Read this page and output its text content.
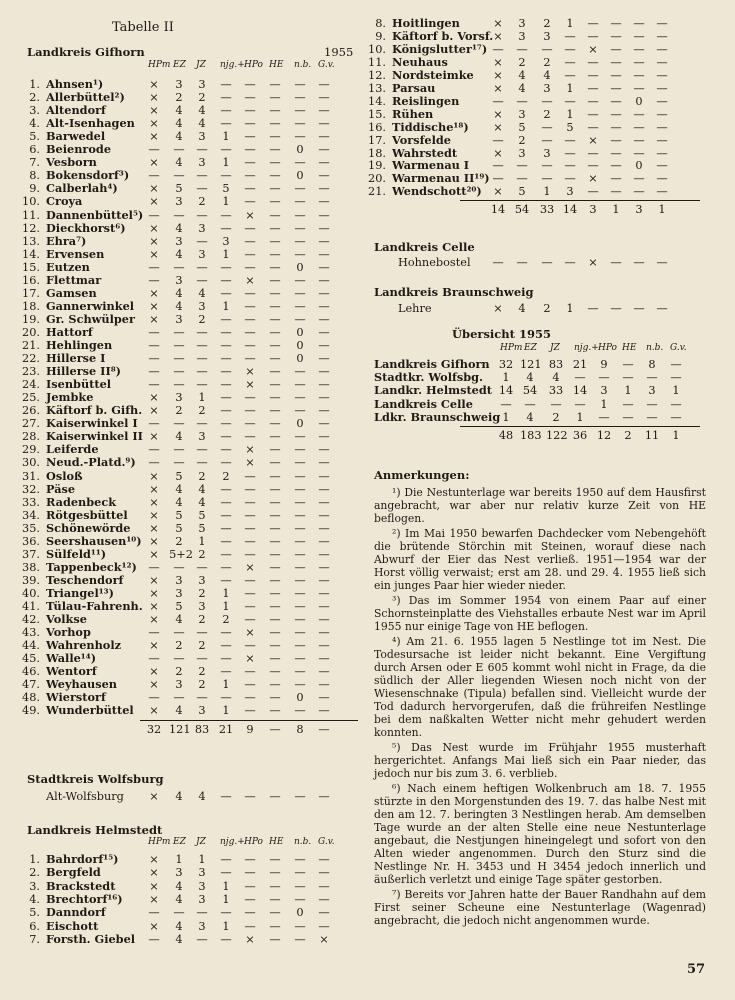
Landkreis Gifhorn	1955
HPm EZ JZ njg.+ HPo HE n.b. G.v.
1. Ahnsen¹)	×	3	3	—	—	—	—	—
2. Allerbüttel²)	×	2	2	—	—	—	—	—
3. Altendorf	×	4	4	—	—	—	—	—
4. Alt-Isenhagen	×	4	4	—	—	—	—	—
5. Barwedel	×	4	3	1	—	—	—	—
6. Beienrode	—	—	—	—	—	—	0	—
7. Vesborn	×	4	3	1	—	—	—	—
8. Bokensdorf³)	—	—	—	—	—	—	0	—
9. Calberlah⁴)	×	5	—	5	—	—	—	—
10. Croya	×	3	2	1	—	—	—	—
11. Dannenbüttel⁵) —	—	—	—	×	—	—	—
12. Dieckhorst⁶)	×	4	3	—	—	—	—	—
13. Ehra⁷)	×	3	—	3	—	—	—	—
14. Ervensen	×	4	3	1	—	—	—	—
15. Eutzen	—	—	—	—	—	—	0	—
16. Flettmar	—	3	—	—	×	—	—	—
17. Gamsen	×	4	4	—	—	—	—	—
18. Gannerwinkel	×	4	3	1	—	—	—	—
19. Gr. Schwülper	×	3	2	—	—	—	—	—
20. Hattorf	—	—	—	—	—	—	0	—
21. Hehlingen	—	—	—	—	—	—	0	—
22. Hillerse I	—	—	—	—	—	—	0	—
23. Hillerse II⁸)	—	—	—	—	×	—	—	—
24. Isenbüttel	—	—	—	—	×	—	—	—
25. Jembke	×	3	1	—	—	—	—	—
26. Käftorf b. Gifh. ×	2	2	—	—	—	—	—
27. Kaiserwinkel I —	—	—	—	—	—	0	—
28. Kaiserwinkel II ×	4	3	—	—	—	—	—
29. Leiferde	—	—	—	—	×	—	—	—
30. Neud.-Platd.⁹)	—	—	—	—	×	—	—	—
31. Osloß	×	5	2	2	—	—	—	—
32. Päse	×	4	4	—	—	—	—	—
33. Radenbeck	×	4	4	—	—	—	—	—
34. Rötgesbüttel	×	5	5	—	—	—	—	—
35. Schönewörde	×	5	5	—	—	—	—	—
36. Seershausen¹⁰) ×	2	1	—	—	—	—	—
37. Sülfeld¹¹)	× 5+2 2	—	—	—	—	—
38. Tappenbeck¹²)	—	—	—	—	×	—	—	—
39. Teschendorf	×	3	3	—	—	—	—	—
40. Triangel¹³)	×	3	2	1	—	—	—	—
41. Tülau-Fahrenh. ×	5	3	1	—	—	—	—
42. Volkse	×	4	2	2	—	—	—	—
43. Vorhop	—	—	—	—	×	—	—	—
44. Wahrenholz	×	2	2	—	—	—	—	—
45. Walle¹⁴)	—	—	—	—	×	—	—	—
46. Wentorf	×	2	2	—	—	—	—	—
47. Weyhausen	×	3	2	1	—	—	—	—
48. Wierstorf	—	—	—	—	—	—	0	—
49. Wunderbüttel	×	4	3	1	—	—	—	—
32 121 83 21	9	—	8	—
Stadtkreis Wolfsburg
Alt-Wolfsburg	×	4	4	—	—	—	—	—
Landkreis Helmstedt
HPm EZ JZ njg.+ HPo HE n.b. G.v.
1. Bahrdorf¹⁵)	×	1	1	—	—	—	—	—
2. Bergfeld	×	3	3	—	—	—	—	—
3. Brackstedt	×	4	3	1	—	—	—	—
4. Brechtorf¹⁶)	×	4	3	1	—	—	—	—
5. Danndorf	—	—	—	—	—	—	0	—
6. Eischott	×	4	3	1	—	—	—	—
7. Forsth. Giebel	—	4	—	—	×	—	—	×
8. Hoitlingen	×	3	2	1	—	—	—	—
9. Käftorf b. Vorsf. ×	3	3	—	—	—	—	—
10. Königslutter¹⁷) —	—	—	—	×	—	—	—
11. Neuhaus	×	2	2	—	—	—	—	—
12. Nordsteimke	×	4	4	—	—	—	—	—
13. Parsau	×	4	3	1	—	—	—	—
14. Reislingen	—	—	—	—	—	—	0	—
15. Rühen	×	3	2	1	—	—	—	—
16. Tiddische¹⁸)	×	5	—	5	—	—	—	—
17. Vorsfelde	—	2	—	—	×	—	—	—
18. Wahrstedt	×	3	3	—	—	—	—	—
19. Warmenau I	—	—	—	—	—	—	0	—
20. Warmenau II¹⁹) —	—	—	—	×	—	—	—
21. Wendschott²⁰)	×	5	1	3	—	—	—	—
14 54 33 14	3	1	3	1
Landkreis Celle
Hohnebostel	—	—	—	—	×	—	—	—
Landkreis Braunschweig
Lehre	×	4	2	1	—	—	—	—
Übersicht 1955
HPm EZ JZ njg.+ HPo HE n.b. G.v.
Landkreis Gifhorn 32 121 83 21	9	—	8	—
Stadtkr. Wolfsbg.	1	4	4	—	—	—	—	—
Landkr. Helmstedt 14 54 33 14	3	1	3	1
Landkreis Celle	—	—	—	—	1	—	—	—
Ldkr. Braunschweig 1	4	2	1	—	—	—	—
48 183 122 36 12	2	11	1
Anmerkungen:
¹) Die Nestunterlage war bereits 1950 auf dem Hausfirst angebracht, war aber nur relativ kurze Zeit von HE beflogen.
²) Im Mai 1950 bewarfen Dachdecker vom Nebengehöft die brütende Störchin mit Steinen, worauf diese nach Abwurf der Eier das Nest verließ. 1951—1954 war der Horst völlig verwaist; erst am 28. und 29. 4. 1955 ließ sich ein junges Paar hier wieder nieder.
³) Das im Sommer 1954 von einem Paar auf einer Schornsteinplatte des Viehstalles erbaute Nest war im April 1955 nur einige Tage von HE beflogen.
⁴) Am 21. 6. 1955 lagen 5 Nestlinge tot im Nest. Die Todesursache ist leider nicht bekannt. Eine Vergiftung durch Arsen oder E 605 kommt wohl nicht in Frage, da die südlich der Aller liegenden Wiesen noch nicht von der Wiesenschnake (Tipula) befallen sind. Vielleicht wurde der Tod dadurch hervorgerufen, daß die frühreifen Nestlinge bei dem naßkalten Wetter nicht mehr gehudert werden konnten.
⁵) Das Nest wurde im Frühjahr 1955 musterhaft hergerichtet. Anfangs Mai ließ sich ein Paar nieder, das jedoch nur bis zum 3. 6. verblieb.
⁶) Nach einem heftigen Wolkenbruch am 18. 7. 1955 stürzte in den Morgenstunden des 19. 7. das halbe Nest mit den am 12. 7. beringten 3 Nestlingen herab. Am demselben Tage wurde an der alten Stelle eine neue Nestunterlage angebaut, die Nestjungen hineingelegt und sofort von den Alten wieder angenommen. Durch den Sturz sind die Nestlinge Nr. H. 3453 und H 3454 jedoch innerlich und äußerlich verletzt und einige Tage später gestorben.
⁷) Bereits vor Jahren hatte der Bauer Randhahn auf dem First seiner Scheune eine Nestunterlage (Wagenrad) angebracht, die jedoch nicht angenommen wurde.
Tabelle II
57
